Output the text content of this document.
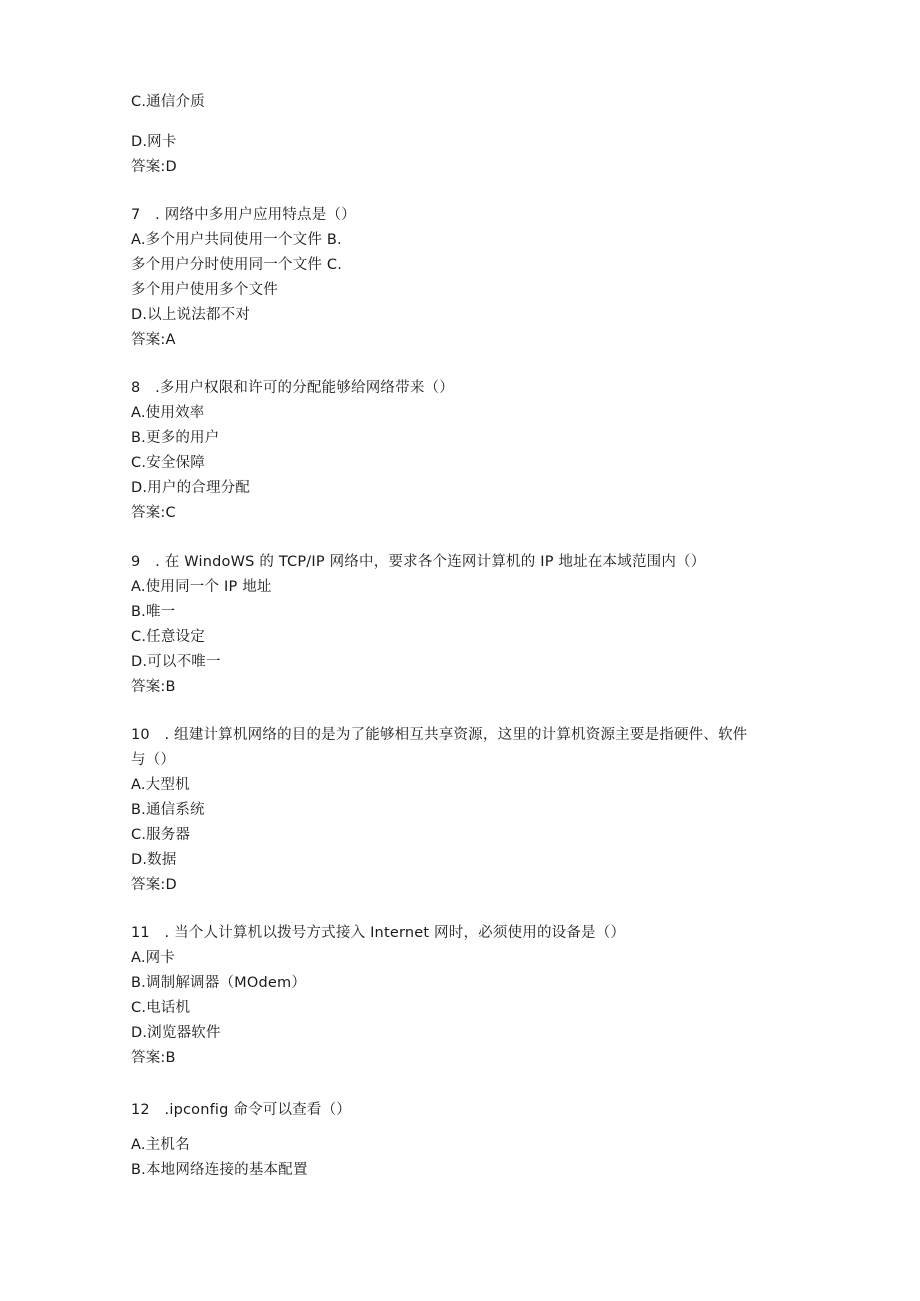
C.通信介质
D.网卡
答案:D
7　. 网络中多用户应用特点是（）
A.多个用户共同使用一个文件 B.
多个用户分时使用同一个文件 C.
多个用户使用多个文件
D.以上说法都不对
答案:A
8　.多用户权限和许可的分配能够给网络带来（）
A.使用效率
B.更多的用户
C.安全保障
D.用户的合理分配
答案:C
9　. 在 WindoWS 的 TCP/IP 网络中，要求各个连网计算机的 IP 地址在本域范围内（）
A.使用同一个 IP 地址
B.唯一
C.任意设定
D.可以不唯一
答案:B
10　. 组建计算机网络的目的是为了能够相互共享资源，这里的计算机资源主要是指硬件、软件
与（）
A.大型机
B.通信系统
C.服务器
D.数据
答案:D
11　. 当个人计算机以拨号方式接入 Internet 网时，必须使用的设备是（）
A.网卡
B.调制解调器（MOdem）
C.电话机
D.浏览器软件
答案:B
12　.ipconfig 命令可以查看（）
A.主机名
B.本地网络连接的基本配置
